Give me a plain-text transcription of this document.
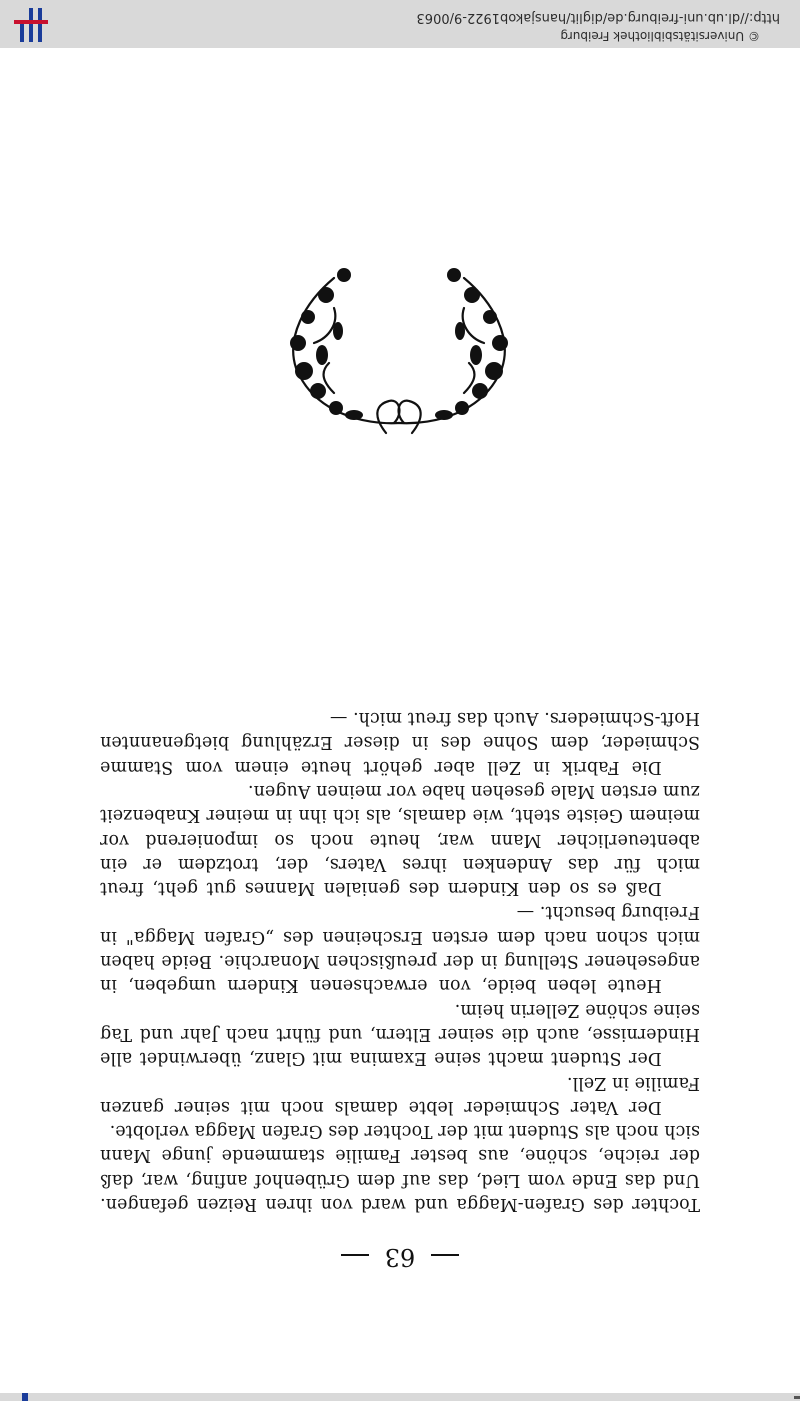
63

Tochter des Grafen-Magga und ward von ihren Reizen gefangen. Und das Ende vom Lied, das auf dem Grübenhof anfing, war, daß der reiche, schöne, aus bester Familie stammende junge Mann sich noch als Student mit der Tochter des Grafen Magga verlobte.

Der Vater Schmieder lebte damals noch mit seiner ganzen Familie in Zell.

Der Student macht seine Examina mit Glanz, überwindet alle Hindernisse, auch die seiner Eltern, und führt nach Jahr und Tag seine schöne Zellerin heim.

Heute leben beide, von erwachsenen Kindern umgeben, in angesehener Stellung in der preußischen Monarchie. Beide haben mich schon nach dem ersten Erscheinen des „Grafen Magga" in Freiburg besucht. —

Daß es so den Kindern des genialen Mannes gut geht, freut mich für das Andenken ihres Vaters, der, trotzdem er ein abenteuerlicher Mann war, heute noch so imponierend vor meinem Geiste steht, wie damals, als ich ihn in meiner Knabenzeit zum ersten Male gesehen habe vor meinen Augen.

Die Fabrik in Zell aber gehört heute einem vom Stamme Schmieder, dem Sohne des in dieser Erzählung bietgenannten Hoft-Schmieders. Auch das freut mich. —

© Universitätsbibliothek Freiburg
http://dl.ub.uni-freiburg.de/diglit/hansjakob1922-9/0063
